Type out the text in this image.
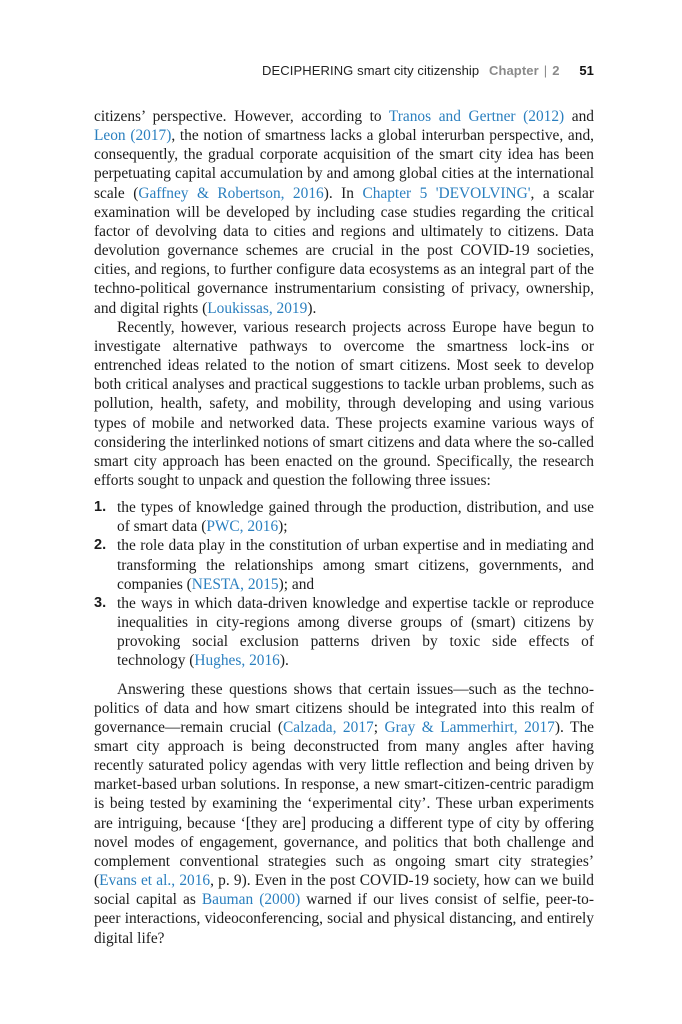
DECIPHERING smart city citizenship Chapter | 2 51

citizens’ perspective. However, according to Tranos and Gertner (2012) and Leon (2017), the notion of smartness lacks a global interurban perspective, and, consequently, the gradual corporate acquisition of the smart city idea has been perpetuating capital accumulation by and among global cities at the international scale (Gaffney & Robertson, 2016). In Chapter 5 'DEVOLVING', a scalar examination will be developed by including case studies regarding the critical factor of devolving data to cities and regions and ultimately to citizens. Data devolution governance schemes are crucial in the post COVID-19 societies, cities, and regions, to further configure data ecosystems as an integral part of the techno-political governance instrumentarium consisting of privacy, ownership, and digital rights (Loukissas, 2019).

Recently, however, various research projects across Europe have begun to investigate alternative pathways to overcome the smartness lock-ins or entrenched ideas related to the notion of smart citizens. Most seek to develop both critical analyses and practical suggestions to tackle urban problems, such as pollution, health, safety, and mobility, through developing and using various types of mobile and networked data. These projects examine various ways of considering the interlinked notions of smart citizens and data where the so-called smart city approach has been enacted on the ground. Specifically, the research efforts sought to unpack and question the following three issues:

1. the types of knowledge gained through the production, distribution, and use of smart data (PWC, 2016);
2. the role data play in the constitution of urban expertise and in mediating and transforming the relationships among smart citizens, governments, and companies (NESTA, 2015); and
3. the ways in which data-driven knowledge and expertise tackle or reproduce inequalities in city-regions among diverse groups of (smart) citizens by provoking social exclusion patterns driven by toxic side effects of technology (Hughes, 2016).

Answering these questions shows that certain issues—such as the techno-politics of data and how smart citizens should be integrated into this realm of governance—remain crucial (Calzada, 2017; Gray & Lammerhirt, 2017). The smart city approach is being deconstructed from many angles after having recently saturated policy agendas with very little reflection and being driven by market-based urban solutions. In response, a new smart-citizen-centric paradigm is being tested by examining the ‘experimental city’. These urban experiments are intriguing, because ‘[they are] producing a different type of city by offering novel modes of engagement, governance, and politics that both challenge and complement conventional strategies such as ongoing smart city strategies’ (Evans et al., 2016, p. 9). Even in the post COVID-19 society, how can we build social capital as Bauman (2000) warned if our lives consist of selfie, peer-to-peer interactions, videoconferencing, social and physical distancing, and entirely digital life?
